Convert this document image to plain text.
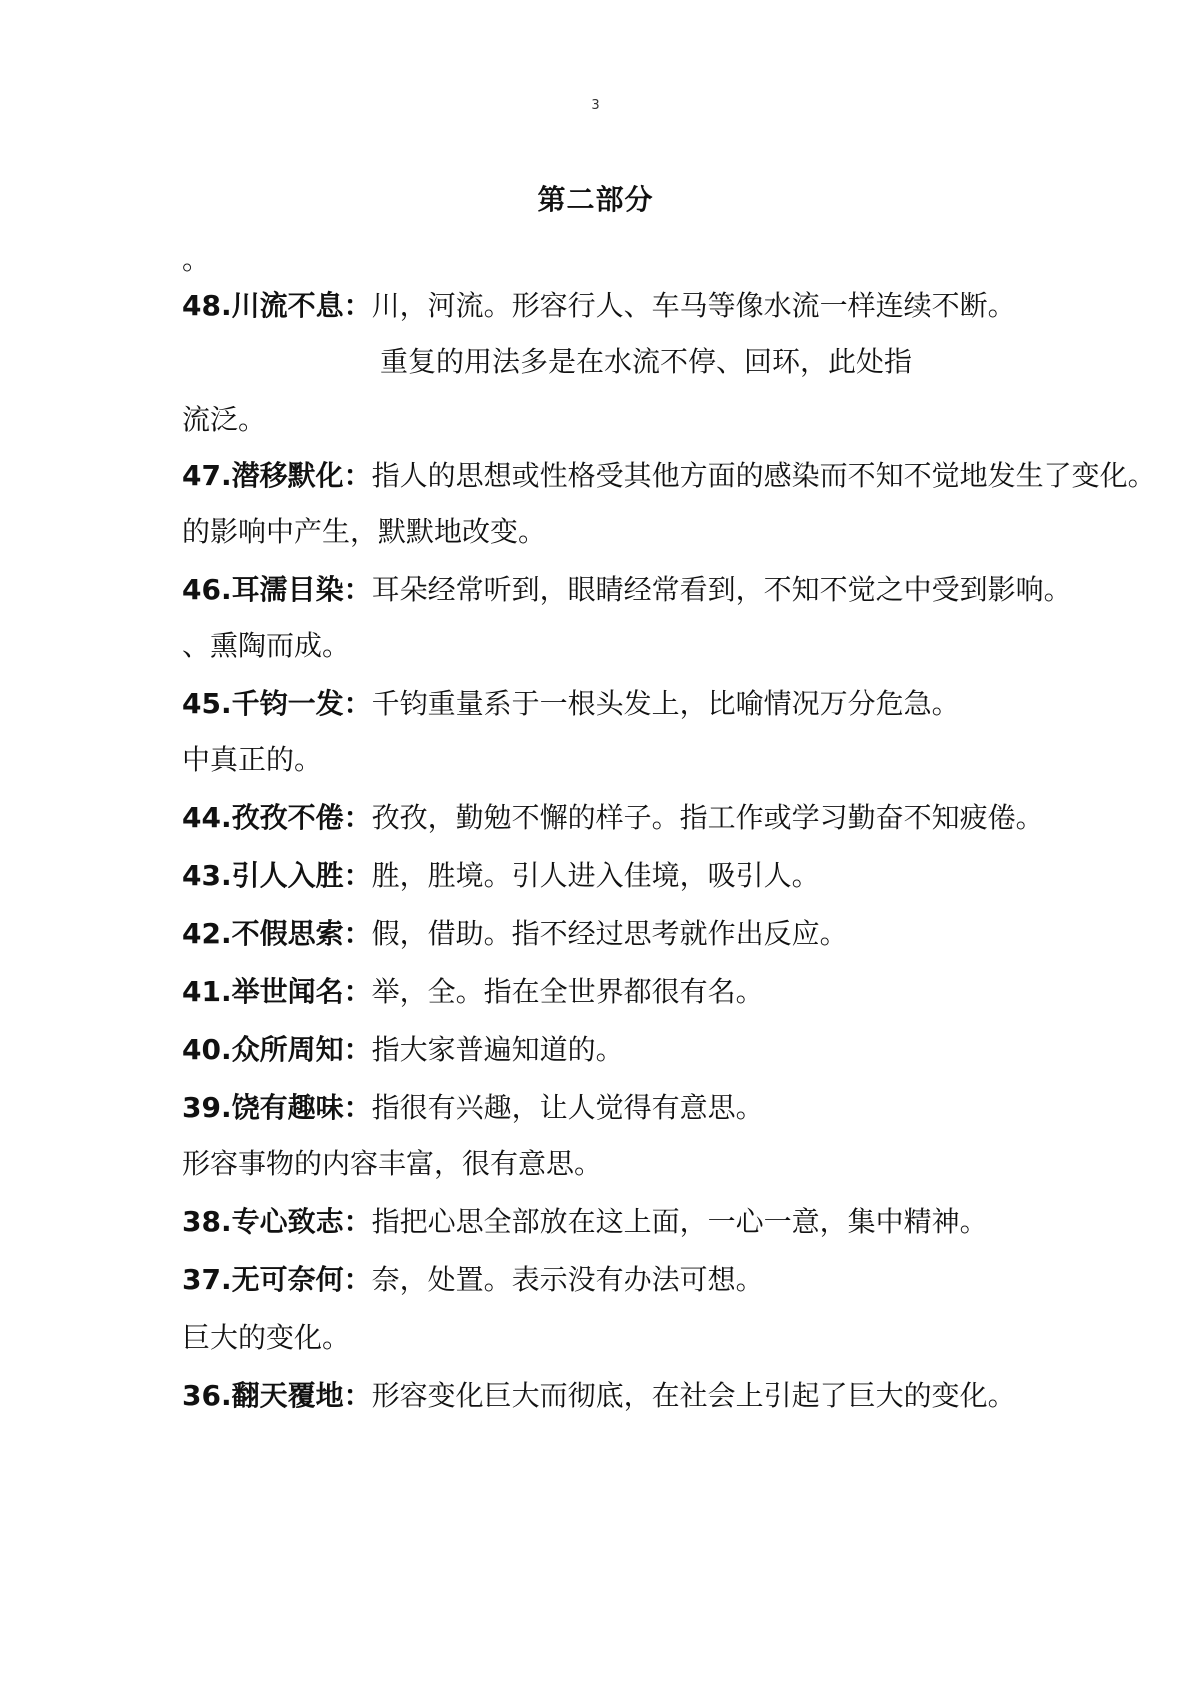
3
第二部分
。
48.川流不息：川，河流。形容行人、车马等像水流一样连续不断。
重复的用法多是在水流不停、回环，此处指
流泛。
47.潜移默化：指人的思想或性格受其他方面的感染而不知不觉地发生了变化。
的影响中产生，默默地改变。
46.耳濡目染：耳朵经常听到，眼睛经常看到，不知不觉之中受到影响。
、熏陶而成。
45.千钧一发：千钧重量系于一根头发上，比喻情况万分危急。
中真正的。
44.孜孜不倦：孜孜，勤勉不懈的样子。指工作或学习勤奋不知疲倦。
43.引人入胜：胜，胜境。引人进入佳境，吸引人。
42.不假思索：假，借助。指不经过思考就作出反应。
41.举世闻名：举，全。指在全世界都很有名。
40.众所周知：指大家普遍知道的。
39.饶有趣味：指很有兴趣，让人觉得有意思。
形容事物的内容丰富，很有意思。
38.专心致志：指把心思全部放在这上面，一心一意，集中精神。
37.无可奈何：奈，处置。表示没有办法可想。
巨大的变化。
36.翻天覆地：形容变化巨大而彻底，在社会上引起了巨大的变化。
